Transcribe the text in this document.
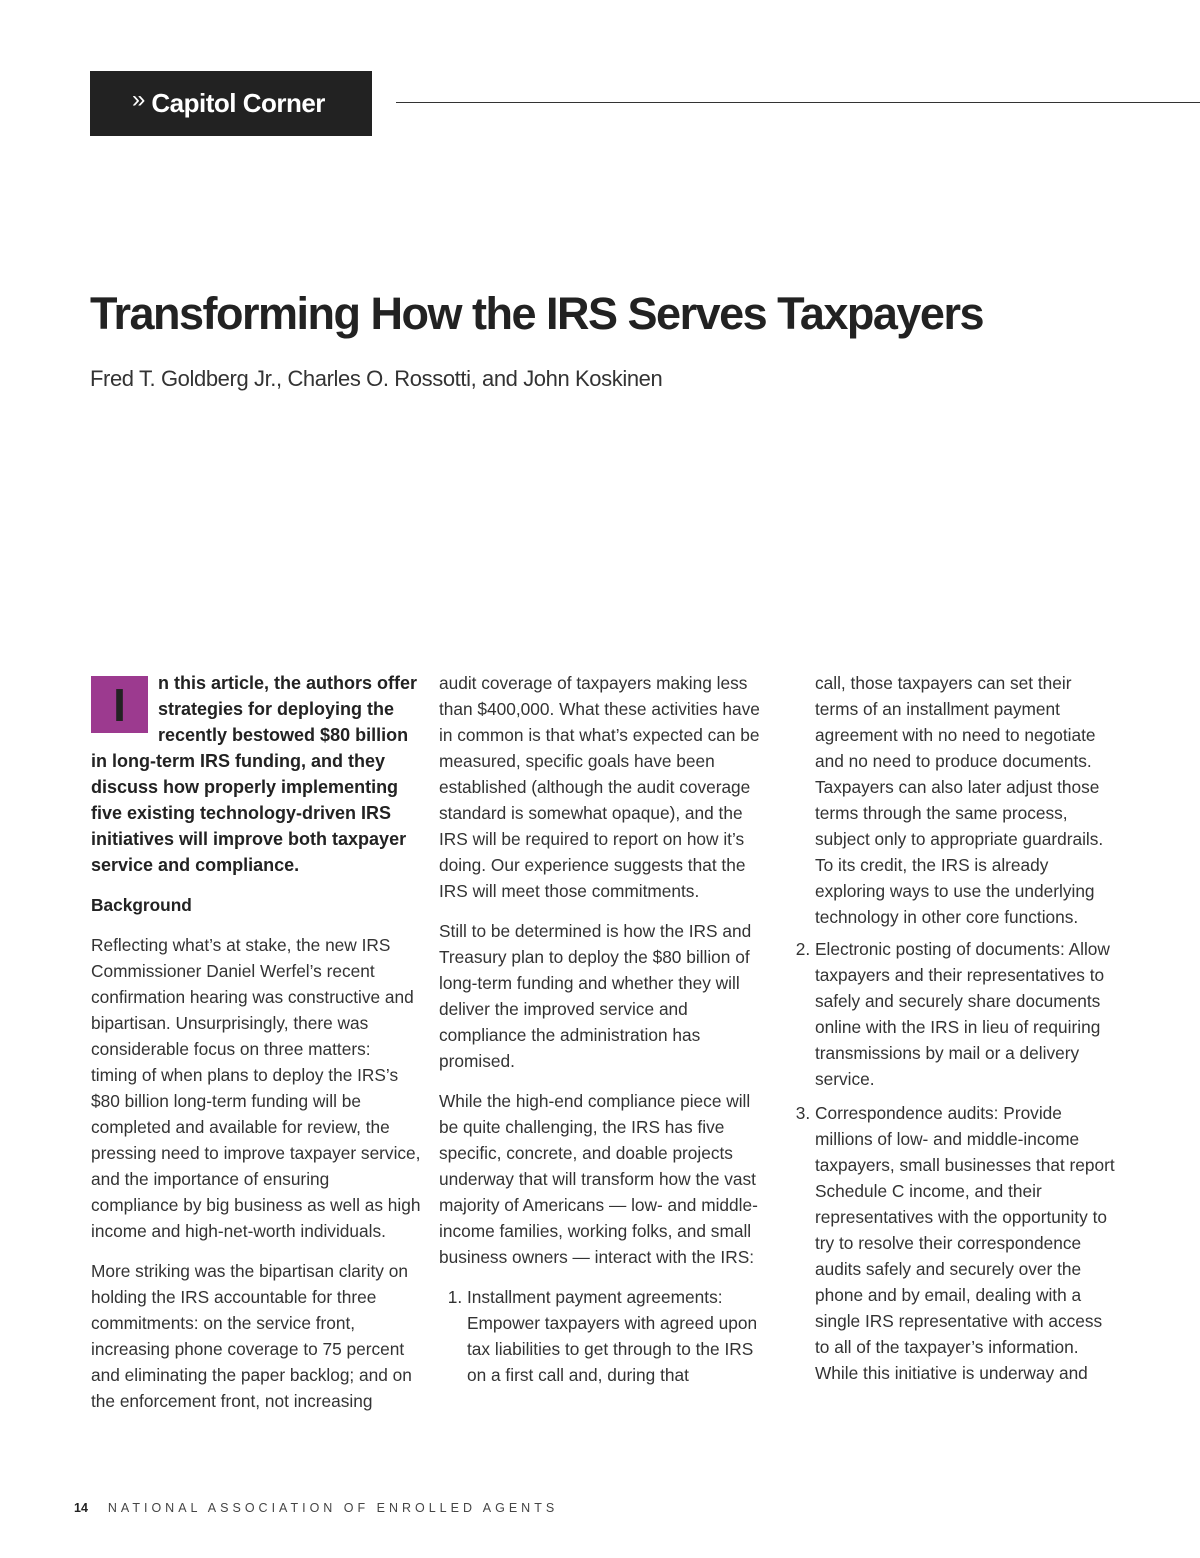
» Capitol Corner
Transforming How the IRS Serves Taxpayers

Fred T. Goldberg Jr., Charles O. Rossotti, and John Koskinen

I	n this article, the authors offer strategies for deploying the recently bestowed $80 billion in long-term IRS funding, and they discuss how properly implementing five existing technology-driven IRS initiatives will improve both taxpayer service and compliance.

Background

Reflecting what’s at stake, the new IRS Commissioner Daniel Werfel’s recent confirmation hearing was constructive and bipartisan. Unsurprisingly, there was considerable focus on three matters: timing of when plans to deploy the IRS’s $80 billion long-term funding will be completed and available for review, the pressing need to improve taxpayer service, and the importance of ensuring compliance by big business as well as high income and high-net-worth individuals.

More striking was the bipartisan clarity on holding the IRS accountable for three commitments: on the service front, increasing phone coverage to 75 percent and eliminating the paper backlog; and on the enforcement front, not increasing

audit coverage of taxpayers making less than $400,000. What these activities have in common is that what’s expected can be measured, specific goals have been established (although the audit coverage standard is somewhat opaque), and the IRS will be required to report on how it’s doing. Our experience suggests that the IRS will meet those commitments.

Still to be determined is how the IRS and Treasury plan to deploy the $80 billion of long-term funding and whether they will deliver the improved service and compliance the administration has promised.

While the high-end compliance piece will be quite challenging, the IRS has five specific, concrete, and doable projects underway that will transform how the vast majority of Americans — low- and middle-income families, working folks, and small business owners — interact with the IRS:

1. Installment payment agreements: Empower taxpayers with agreed upon tax liabilities to get through to the IRS on a first call and, during that

call, those taxpayers can set their terms of an installment payment agreement with no need to negotiate and no need to produce documents. Taxpayers can also later adjust those terms through the same process, subject only to appropriate guardrails. To its credit, the IRS is already exploring ways to use the underlying technology in other core functions.

2. Electronic posting of documents: Allow taxpayers and their representatives to safely and securely share documents online with the IRS in lieu of requiring transmissions by mail or a delivery service.
3. Correspondence audits: Provide millions of low- and middle-income taxpayers, small businesses that report Schedule C income, and their representatives with the opportunity to try to resolve their correspondence audits safely and securely over the phone and by email, dealing with a single IRS representative with access to all of the taxpayer’s information. While this initiative is underway and
14 NATIONAL ASSOCIATION OF ENROLLED AGENTS
